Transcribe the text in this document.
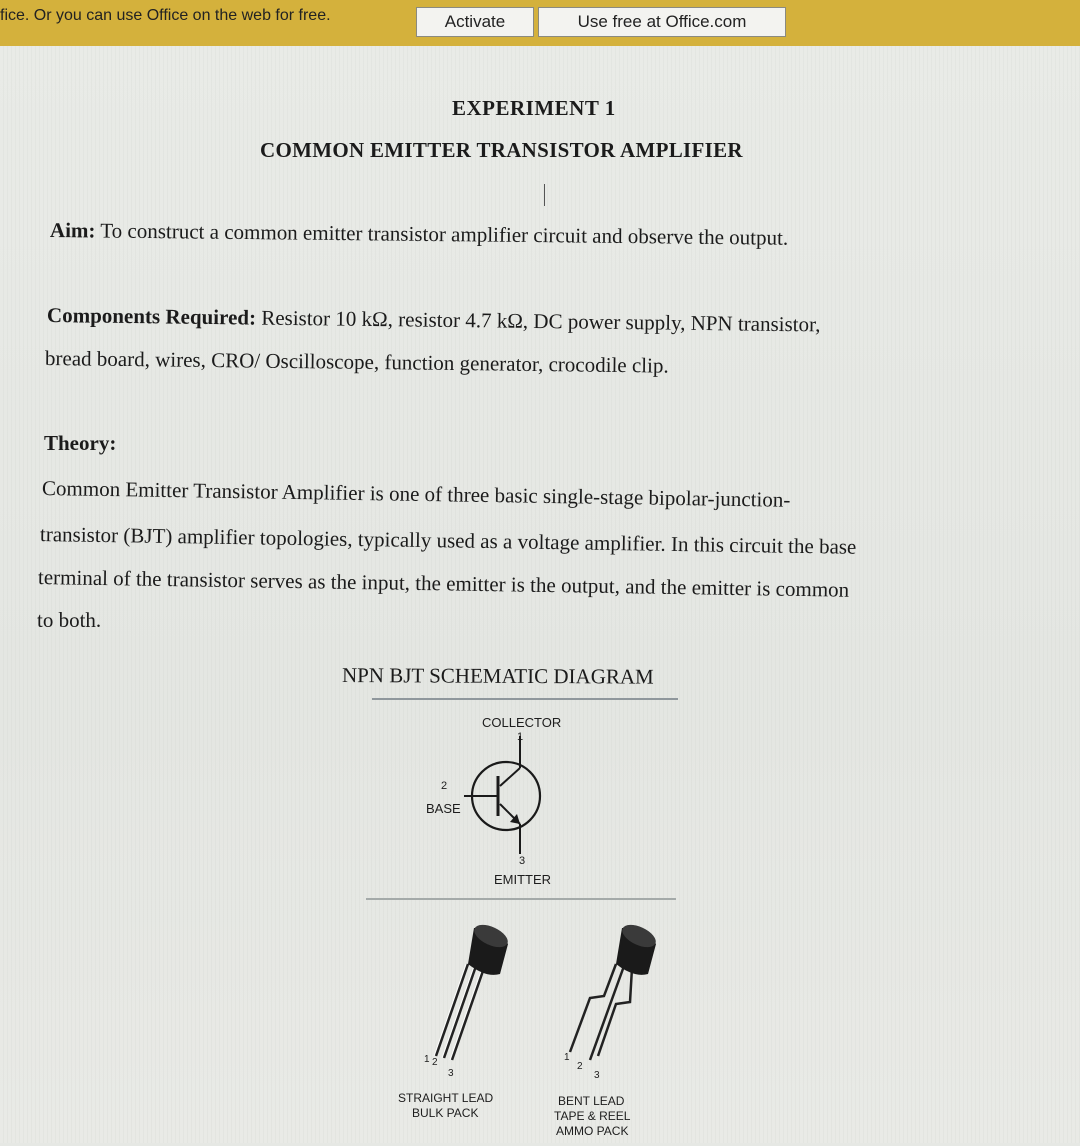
fice. Or you can use Office on the web for free.	Activate	Use free at Office.com
EXPERIMENT 1
COMMON EMITTER TRANSISTOR AMPLIFIER
Aim: To construct a common emitter transistor amplifier circuit and observe the output.
Components Required: Resistor 10 kΩ, resistor 4.7 kΩ, DC power supply, NPN transistor,
bread board, wires, CRO/ Oscilloscope, function generator, crocodile clip.
Theory:
Common Emitter Transistor Amplifier is one of three basic single-stage bipolar-junction-
transistor (BJT) amplifier topologies, typically used as a voltage amplifier. In this circuit the base
terminal of the transistor serves as the input, the emitter is the output, and the emitter is common
to both.
NPN BJT SCHEMATIC DIAGRAM
COLLECTOR
1
2
BASE
3
EMITTER
1 2
3
STRAIGHT LEAD
BULK PACK
1
2
3
BENT LEAD
TAPE & REEL
AMMO PACK
